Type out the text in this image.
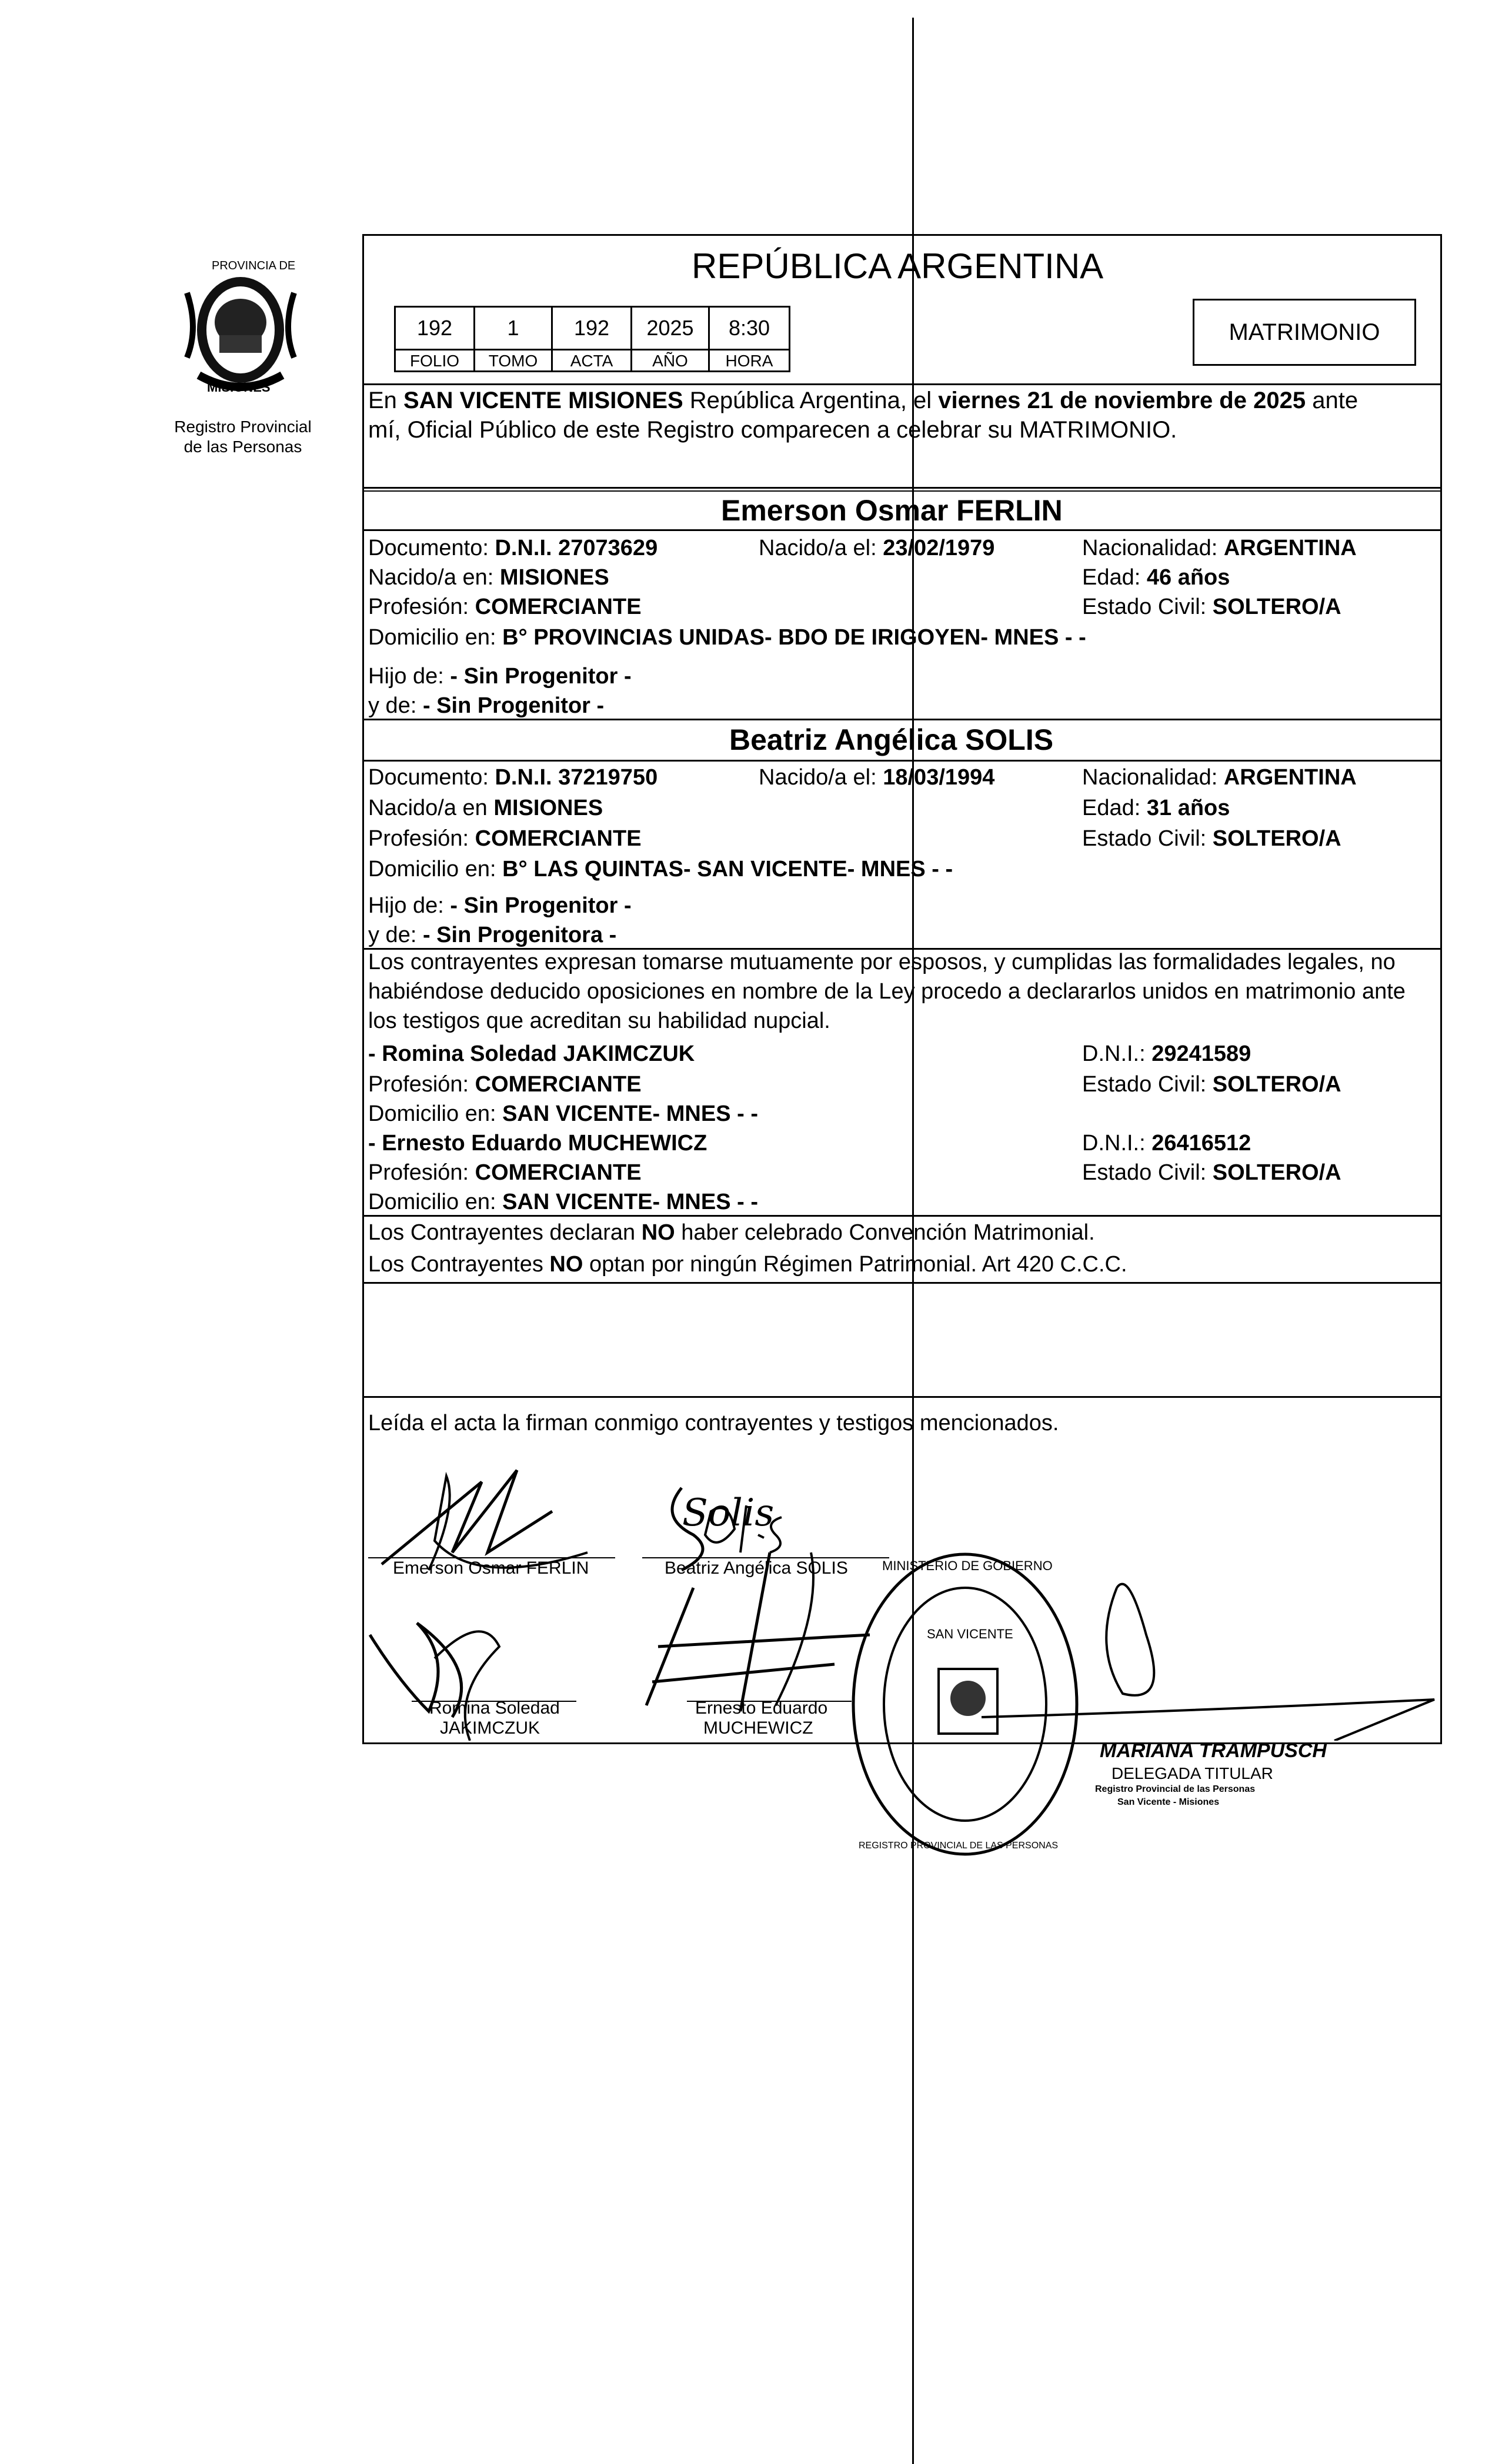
PROVINCIA DE
MISIONES
Registro Provincial
de las Personas
REPÚBLICA ARGENTINA
192	1	192	2025	8:30
FOLIO	TOMO	ACTA	AÑO	HORA
MATRIMONIO
En SAN VICENTE MISIONES República Argentina, el viernes 21 de noviembre de 2025 ante
mí, Oficial Público de este Registro comparecen a celebrar su MATRIMONIO.
Emerson Osmar FERLIN
Documento: D.N.I. 27073629	Nacido/a el: 23/02/1979	Nacionalidad: ARGENTINA
Nacido/a en: MISIONES	Edad: 46 años
Profesión: COMERCIANTE	Estado Civil: SOLTERO/A
Domicilio en: B° PROVINCIAS UNIDAS- BDO DE IRIGOYEN- MNES - -
Hijo de: - Sin Progenitor -
y de: - Sin Progenitor -
Beatriz Angélica SOLIS
Documento: D.N.I. 37219750	Nacido/a el: 18/03/1994	Nacionalidad: ARGENTINA
Nacido/a en MISIONES	Edad: 31 años
Profesión: COMERCIANTE	Estado Civil: SOLTERO/A
Domicilio en: B° LAS QUINTAS- SAN VICENTE- MNES - -
Hijo de: - Sin Progenitor -
y de: - Sin Progenitora -
Los contrayentes expresan tomarse mutuamente por esposos, y cumplidas las formalidades legales, no
habiéndose deducido oposiciones en nombre de la Ley procedo a declararlos unidos en matrimonio ante
los testigos que acreditan su habilidad nupcial.
- Romina Soledad JAKIMCZUK	D.N.I.: 29241589
Profesión: COMERCIANTE	Estado Civil: SOLTERO/A
Domicilio en: SAN VICENTE- MNES - -
- Ernesto Eduardo MUCHEWICZ	D.N.I.: 26416512
Profesión: COMERCIANTE	Estado Civil: SOLTERO/A
Domicilio en: SAN VICENTE- MNES - -
Los Contrayentes declaran NO haber celebrado Convención Matrimonial.
Los Contrayentes NO optan por ningún Régimen Patrimonial. Art 420 C.C.C.
Leída el acta la firman conmigo contrayentes y testigos mencionados.
Solis
Emerson Osmar FERLIN	Beatriz Angélica SOLIS
Romina Soledad
JAKIMCZUK
Ernesto Eduardo
MUCHEWICZ
MINISTERIO DE GOBIERNO
REGISTRO PROVINCIAL DE LAS PERSONAS
SAN VICENTE
MARIANA TRAMPUSCH
DELEGADA TITULAR
Registro Provincial de las Personas
San Vicente - Misiones
